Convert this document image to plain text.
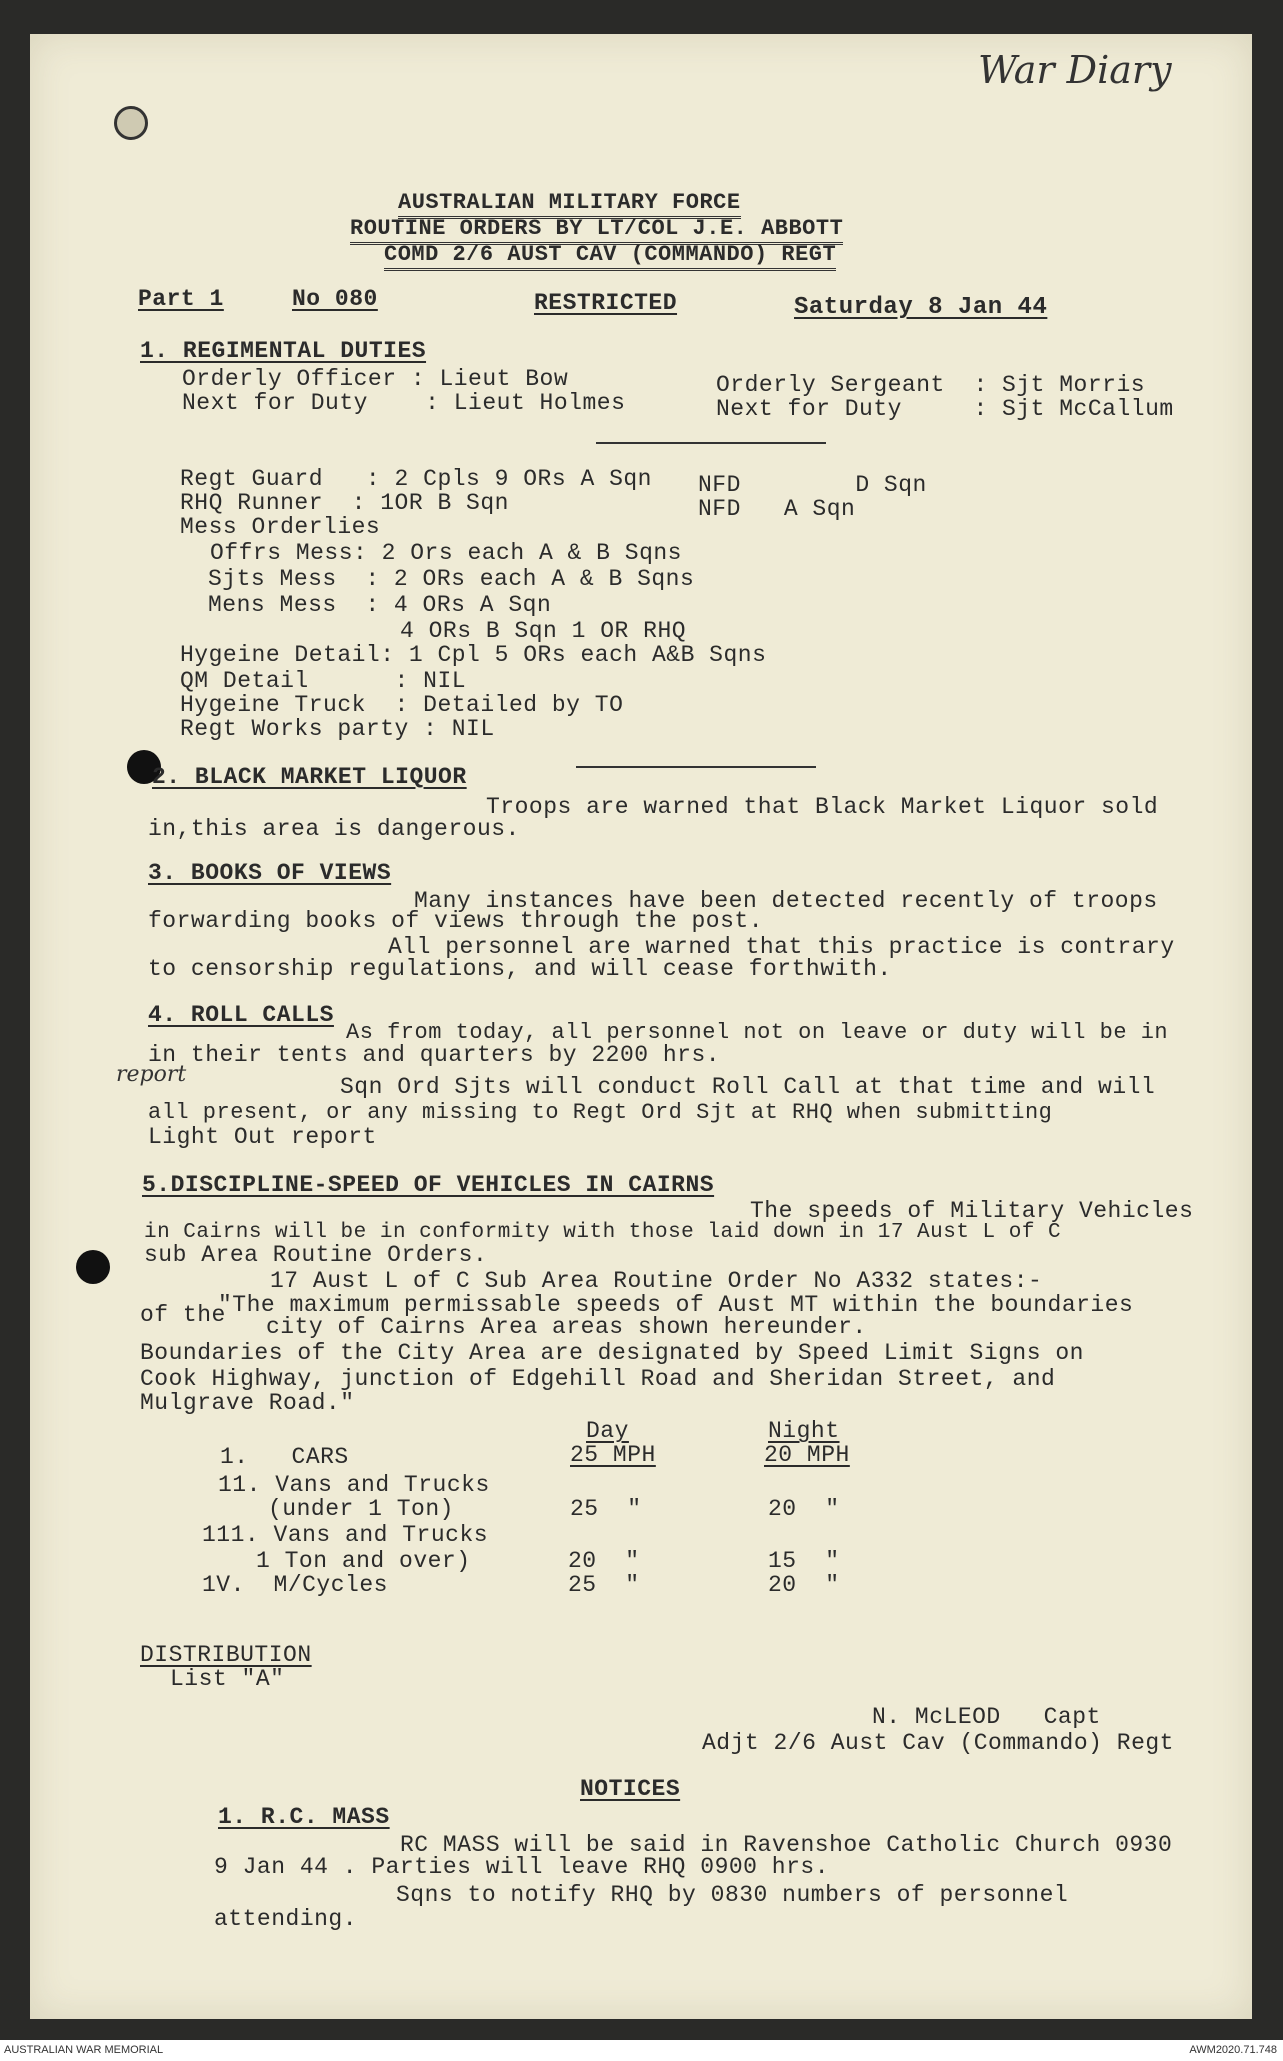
War Diary
AUSTRALIAN MILITARY FORCE
ROUTINE ORDERS BY LT/COL J.E. ABBOTT
COMD 2/6 AUST CAV (COMMANDO) REGT
Part 1	No 080	RESTRICTED	Saturday 8 Jan 44
1. REGIMENTAL DUTIES
Orderly Officer : Lieut Bow
Next for Duty    : Lieut Holmes
Orderly Sergeant  : Sjt Morris
Next for Duty     : Sjt McCallum
Regt Guard   : 2 Cpls 9 ORs A Sqn NFD        D Sqn
RHQ Runner  : 1OR B Sqn	NFD   A Sqn
Mess Orderlies
Offrs Mess: 2 Ors each A & B Sqns
Sjts Mess  : 2 ORs each A & B Sqns
Mens Mess  : 4 ORs A Sqn
4 ORs B Sqn 1 OR RHQ
Hygeine Detail: 1 Cpl 5 ORs each A&B Sqns
QM Detail      : NIL
Hygeine Truck  : Detailed by TO
Regt Works party : NIL
2. BLACK MARKET LIQUOR
Troops are warned that Black Market Liquor sold
in,this area is dangerous.
3. BOOKS OF VIEWS
Many instances have been detected recently of troops
forwarding books of views through the post.
All personnel are warned that this practice is contrary
to censorship regulations, and will cease forthwith.
4. ROLL CALLS
As from today, all personnel not on leave or duty will be in
in their tents and quarters by 2200 hrs.
report	Sqn Ord Sjts will conduct Roll Call at that time and will
all present, or any missing to Regt Ord Sjt at RHQ when submitting
Light Out report
5.DISCIPLINE-SPEED OF VEHICLES IN CAIRNS
The speeds of Military Vehicles
in Cairns will be in conformity with those laid down in 17 Aust L of C
sub Area Routine Orders.
17 Aust L of C Sub Area Routine Order No A332 states:-
"The maximum permissable speeds of Aust MT within the boundaries
of the city of Cairns Area areas shown hereunder.
Boundaries of the City Area are designated by Speed Limit Signs on
Cook Highway, junction of Edgehill Road and Sheridan Street, and
Mulgrave Road."
Day	Night
1.   CARS	25 MPH	20 MPH
11. Vans and Trucks
(under 1 Ton)	25  "	20  "
111. Vans and Trucks
1 Ton and over)	20  "	15  "
1V.  M/Cycles	25  "	20  "
DISTRIBUTION
List "A"
N. McLEOD   Capt
Adjt 2/6 Aust Cav (Commando) Regt
NOTICES
1. R.C. MASS
RC MASS will be said in Ravenshoe Catholic Church 0930
9 Jan 44 . Parties will leave RHQ 0900 hrs.
Sqns to notify RHQ by 0830 numbers of personnel
attending.
AUSTRALIAN WAR MEMORIAL	AWM2020.71.748
